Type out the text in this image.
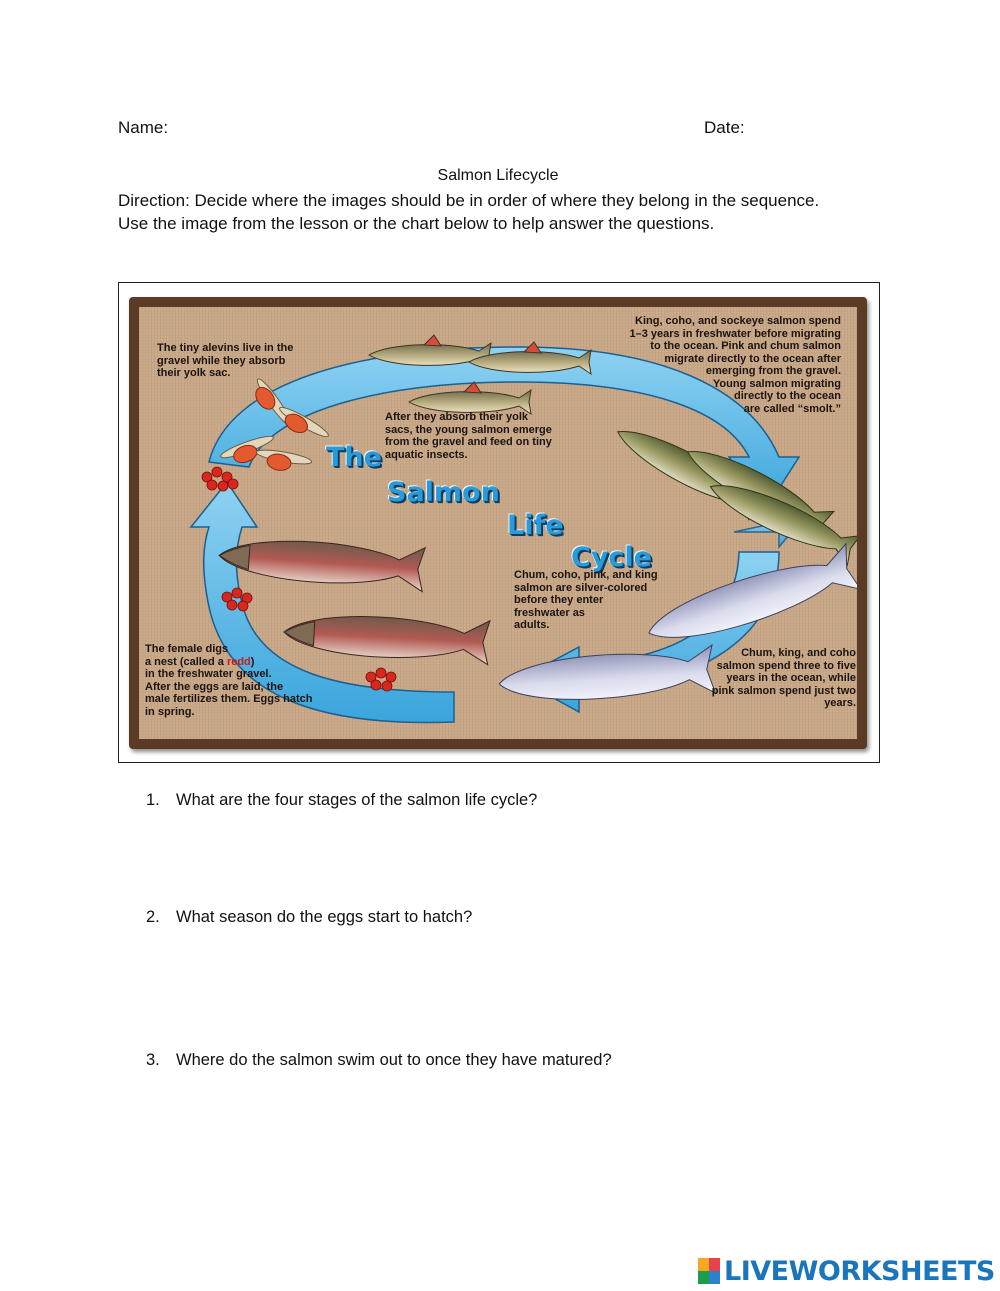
Name:	Date:
Salmon Lifecycle
Direction: Decide where the images should be in order of where they belong in the sequence.
Use the image from the lesson or the chart below to help answer the questions.
The
Salmon
Life
Cycle
The tiny alevins live in the
gravel while they absorb
their yolk sac.
After they absorb their yolk
sacs, the young salmon emerge
from the gravel and feed on tiny
aquatic insects.
King, coho, and sockeye salmon spend
1–3 years in freshwater before migrating
to the ocean. Pink and chum salmon
migrate directly to the ocean after
emerging from the gravel.
Young salmon migrating
directly to the ocean
are called “smolt.”
Chum, coho, pink, and king
salmon are silver-colored
before they enter
freshwater as
adults.
Chum, king, and coho
salmon spend three to five
years in the ocean, while
pink salmon spend just two
years.
The female digs
a nest (called a redd)
in the freshwater gravel.
After the eggs are laid, the
male fertilizes them. Eggs hatch
in spring.
1. What are the four stages of the salmon life cycle?
2. What season do the eggs start to hatch?
3. Where do the salmon swim out to once they have matured?
LIVEWORKSHEETS
